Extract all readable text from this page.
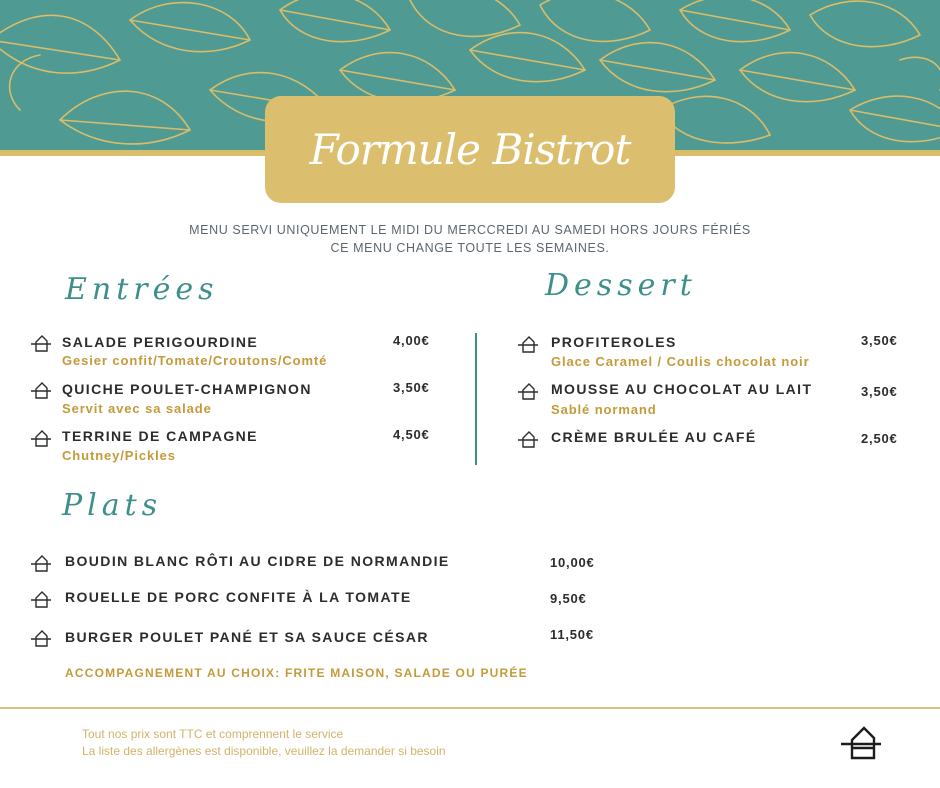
Formule Bistrot
MENU SERVI UNIQUEMENT LE MIDI DU MERCCREDI AU SAMEDI HORS JOURS FÉRIÉS
CE MENU CHANGE TOUTE LES SEMAINES.
Entrées	Dessert
Plats
SALADE PERIGOURDINE
Gesier confit/Tomate/Croutons/Comté
4,00€
QUICHE POULET-CHAMPIGNON
Servit avec sa salade
3,50€
TERRINE DE CAMPAGNE
Chutney/Pickles
4,50€
PROFITEROLES
Glace Caramel / Coulis chocolat noir
3,50€
MOUSSE AU CHOCOLAT AU LAIT
Sablé normand
3,50€
CRÈME BRULÉE AU CAFÉ	2,50€
BOUDIN BLANC RÔTI AU CIDRE DE NORMANDIE	10,00€
ROUELLE DE PORC CONFITE À LA TOMATE	9,50€
BURGER POULET PANÉ ET SA SAUCE CÉSAR	11,50€
ACCOMPAGNEMENT AU CHOIX: FRITE MAISON, SALADE OU PURÉE
Tout nos prix sont TTC et comprennent le service
La liste des allergènes est disponible, veuillez la demander si besoin
